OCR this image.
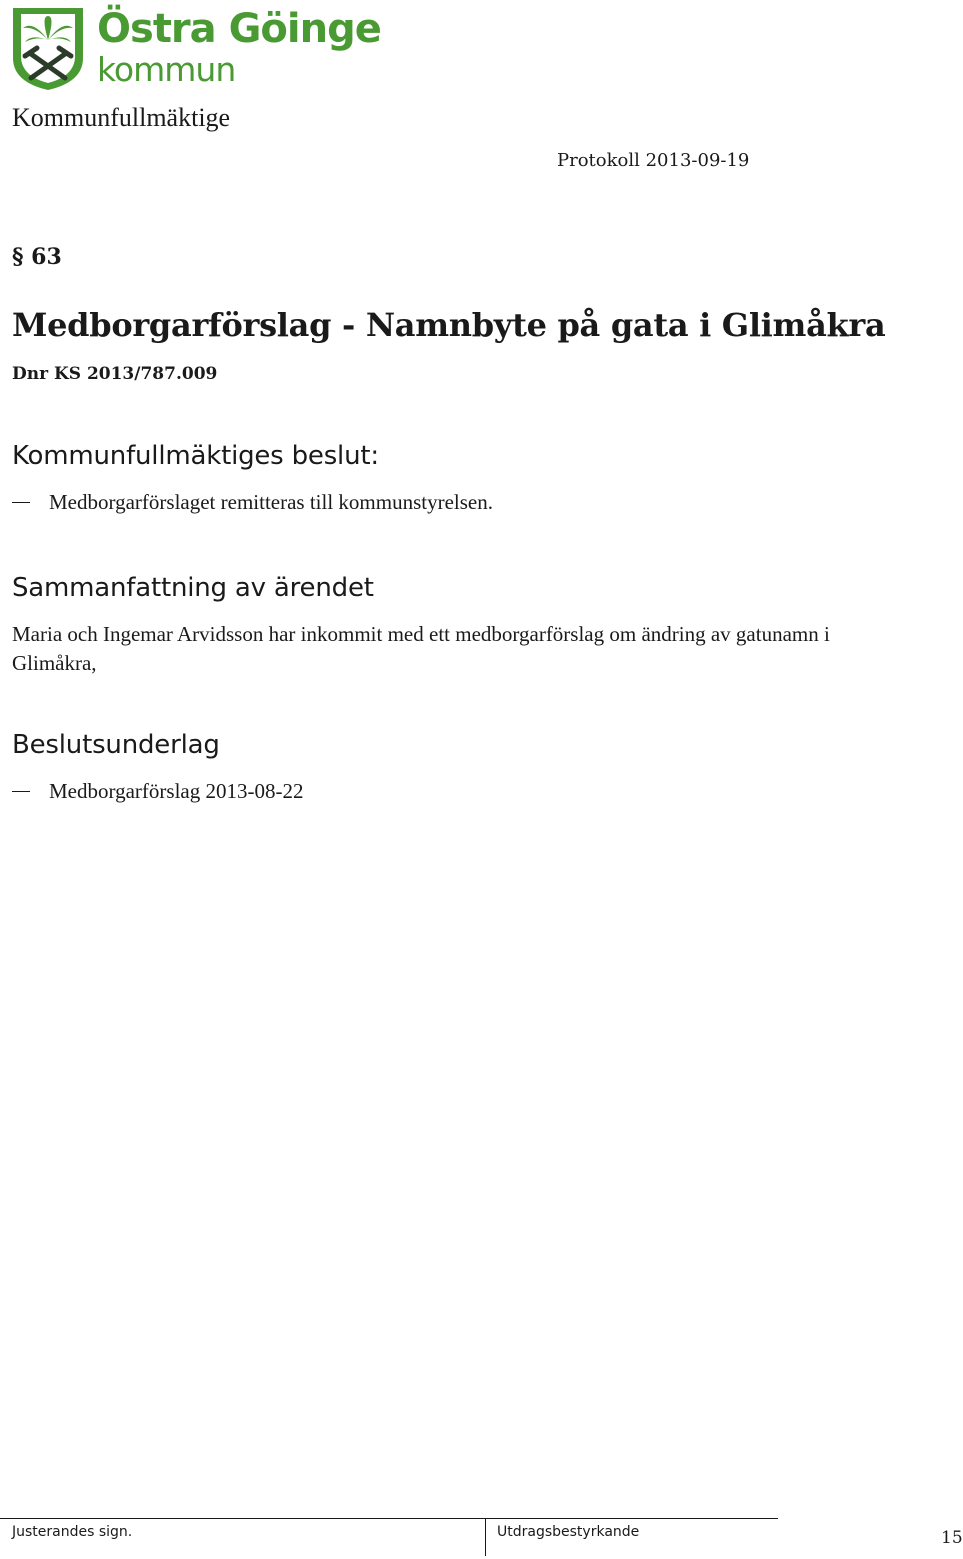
Östra Göinge
kommun
Kommunfullmäktige
Protokoll 2013-09-19
§ 63
Medborgarförslag - Namnbyte på gata i Glimåkra
Dnr KS 2013/787.009
Kommunfullmäktiges beslut:
Medborgarförslaget remitteras till kommunstyrelsen.
Sammanfattning av ärendet
Maria och Ingemar Arvidsson har inkommit med ett medborgarförslag om ändring av gatunamn i Glimåkra,
Beslutsunderlag
Medborgarförslag 2013-08-22
Justerandes sign.	Utdragsbestyrkande	15
